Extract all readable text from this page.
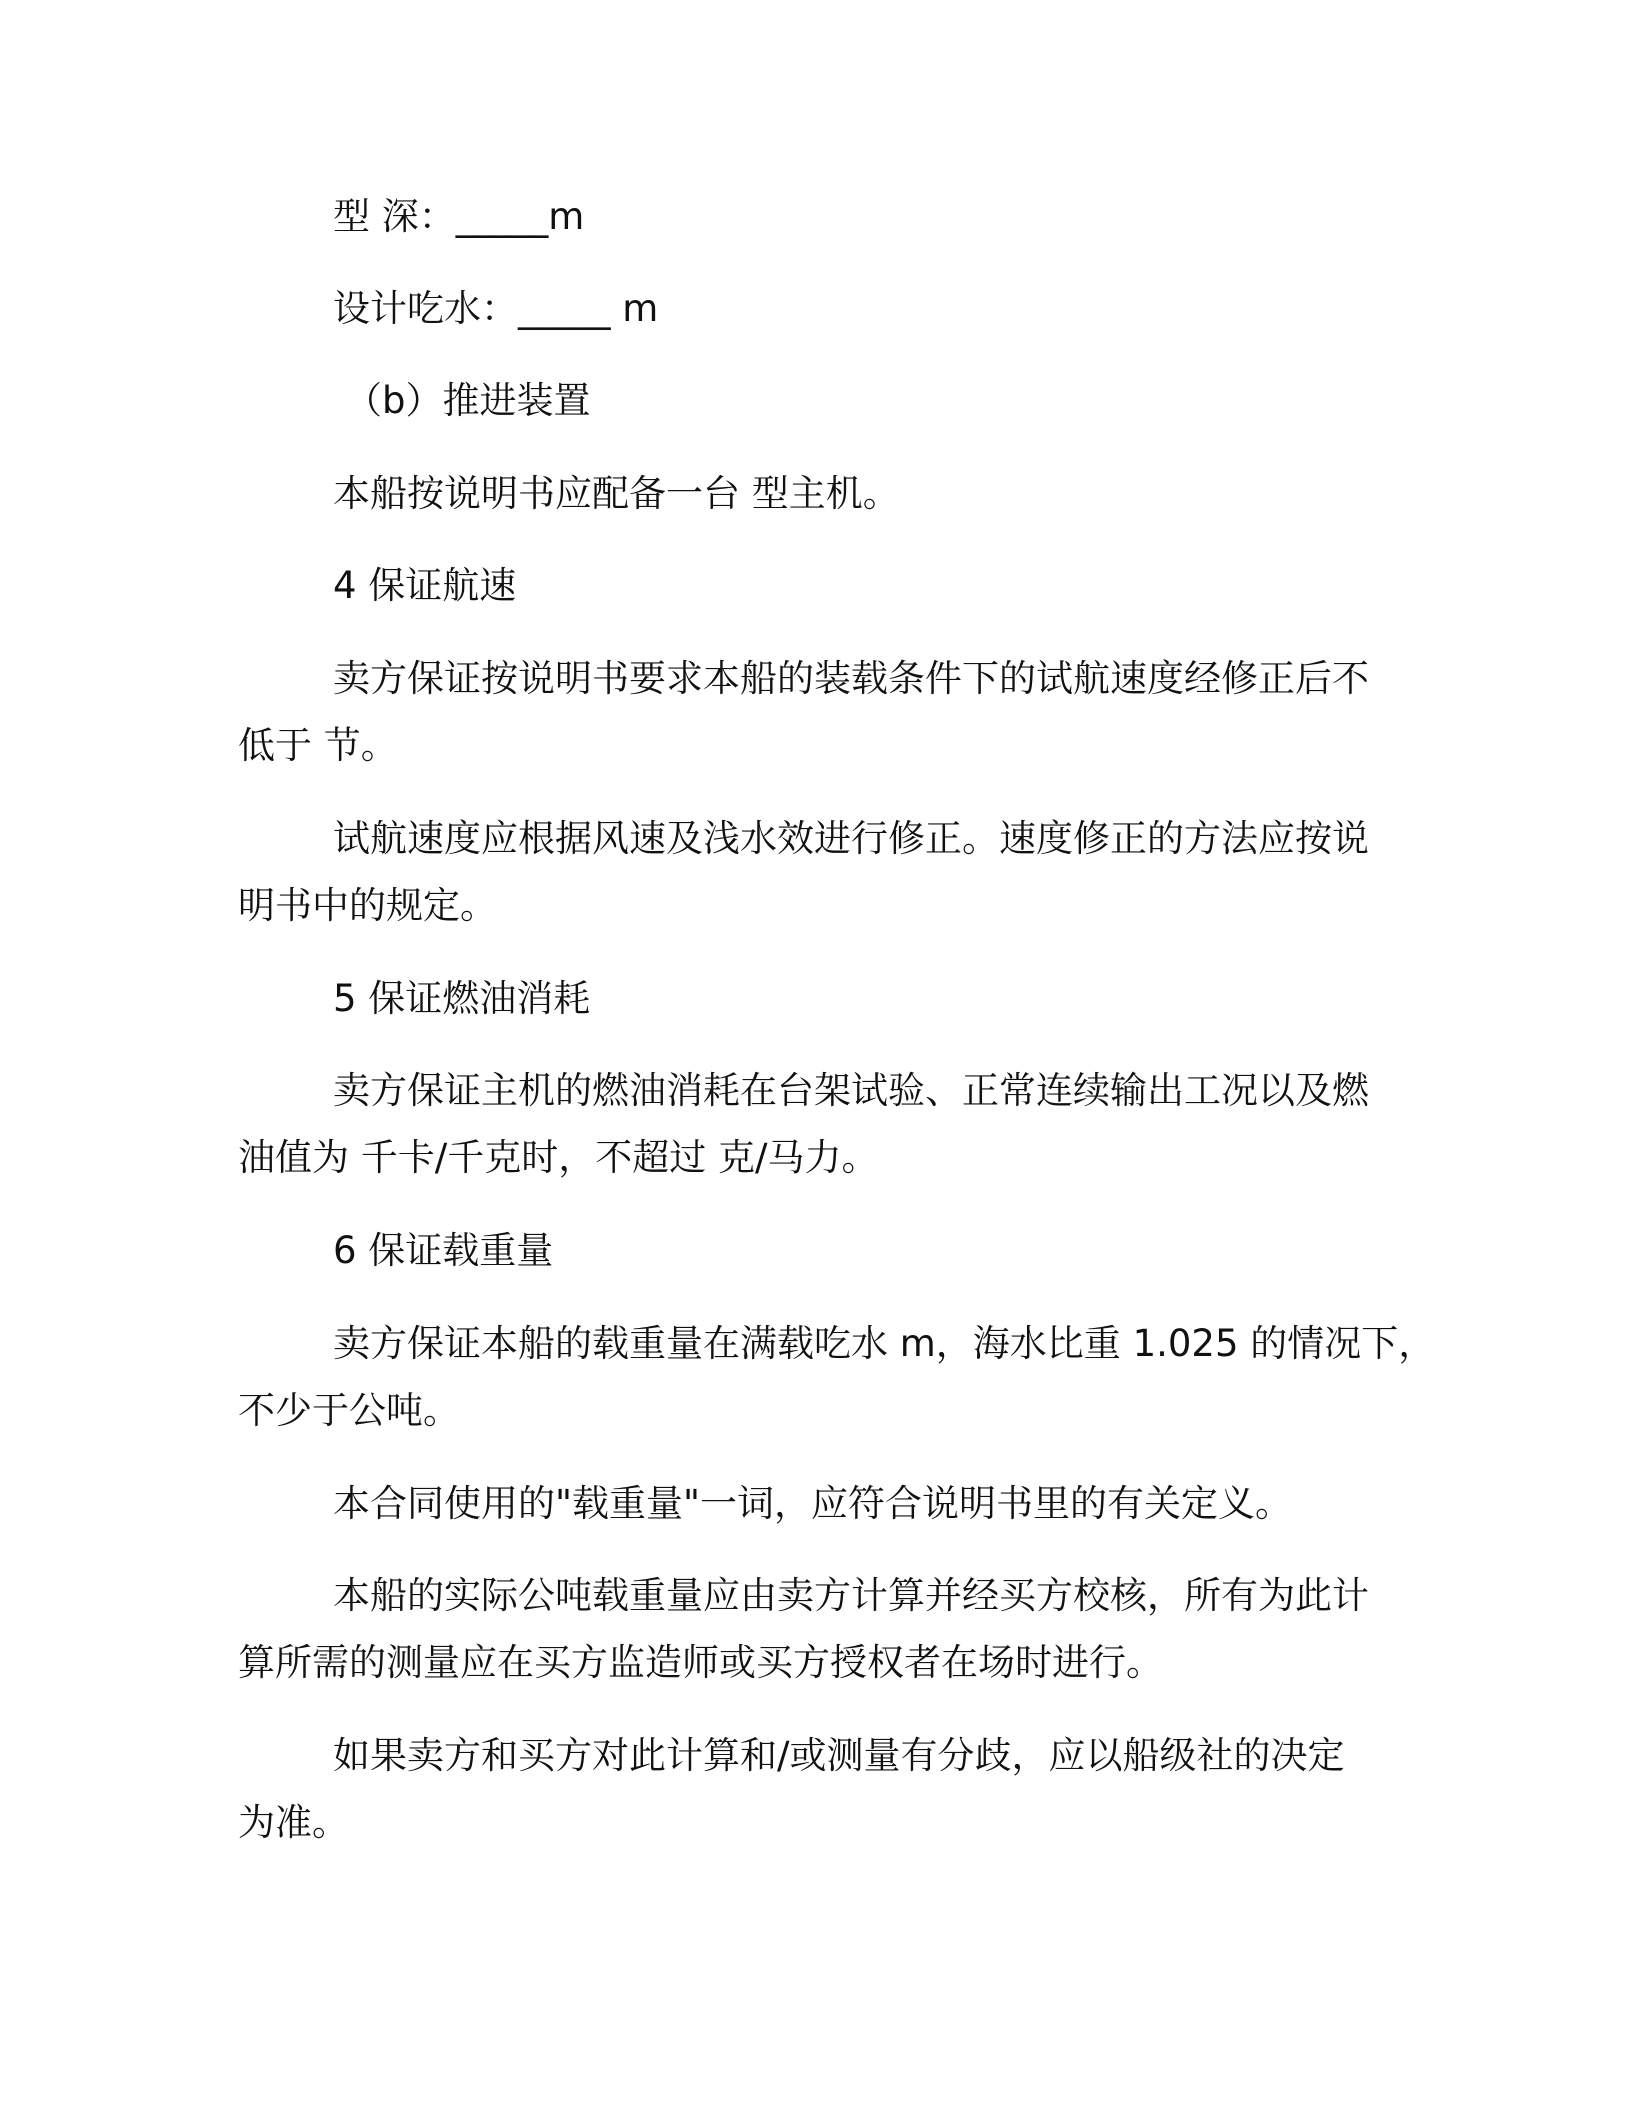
型 深：_____m
设计吃水：_____ m
（b）推进装置
本船按说明书应配备一台 型主机。
4 保证航速
卖方保证按说明书要求本船的装载条件下的试航速度经修正后不
低于 节。
试航速度应根据风速及浅水效进行修正。速度修正的方法应按说
明书中的规定。
5 保证燃油消耗
卖方保证主机的燃油消耗在台架试验、正常连续输出工况以及燃
油值为 千卡/千克时，不超过 克/马力。
6 保证载重量
卖方保证本船的载重量在满载吃水 m，海水比重 1.025 的情况下，
不少于公吨。
本合同使用的"载重量"一词，应符合说明书里的有关定义。
本船的实际公吨载重量应由卖方计算并经买方校核，所有为此计
算所需的测量应在买方监造师或买方授权者在场时进行。
如果卖方和买方对此计算和/或测量有分歧，应以船级社的决定
为准。
